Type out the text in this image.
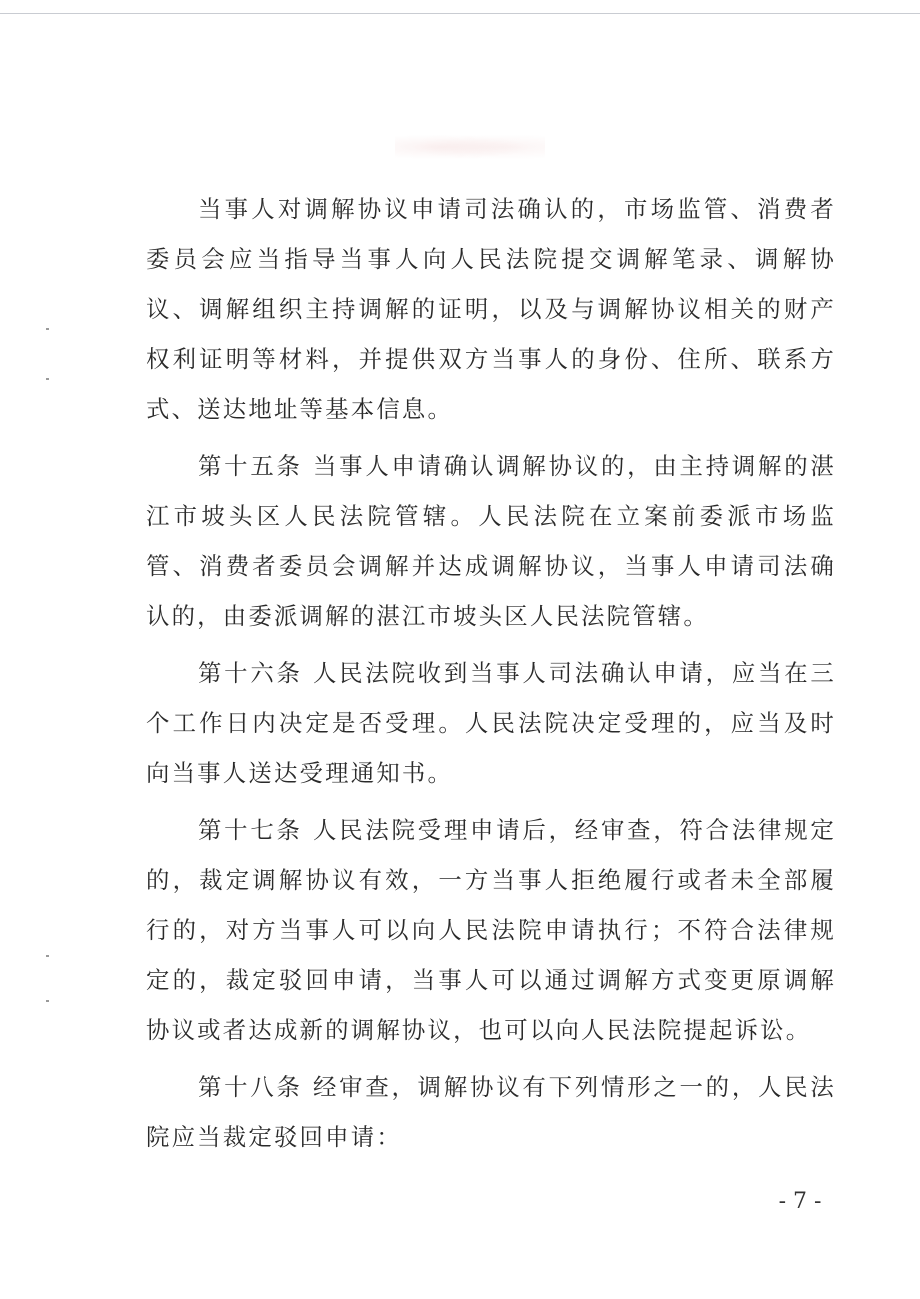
当事人对调解协议申请司法确认的，市场监管、消费者委员会应当指导当事人向人民法院提交调解笔录、调解协议、调解组织主持调解的证明，以及与调解协议相关的财产权利证明等材料，并提供双方当事人的身份、住所、联系方式、送达地址等基本信息。

第十五条 当事人申请确认调解协议的，由主持调解的湛江市坡头区人民法院管辖。人民法院在立案前委派市场监管、消费者委员会调解并达成调解协议，当事人申请司法确认的，由委派调解的湛江市坡头区人民法院管辖。

第十六条 人民法院收到当事人司法确认申请，应当在三个工作日内决定是否受理。人民法院决定受理的，应当及时向当事人送达受理通知书。

第十七条 人民法院受理申请后，经审查，符合法律规定的，裁定调解协议有效，一方当事人拒绝履行或者未全部履行的，对方当事人可以向人民法院申请执行；不符合法律规定的，裁定驳回申请，当事人可以通过调解方式变更原调解协议或者达成新的调解协议，也可以向人民法院提起诉讼。

第十八条 经审查，调解协议有下列情形之一的，人民法院应当裁定驳回申请：

- 7 -
